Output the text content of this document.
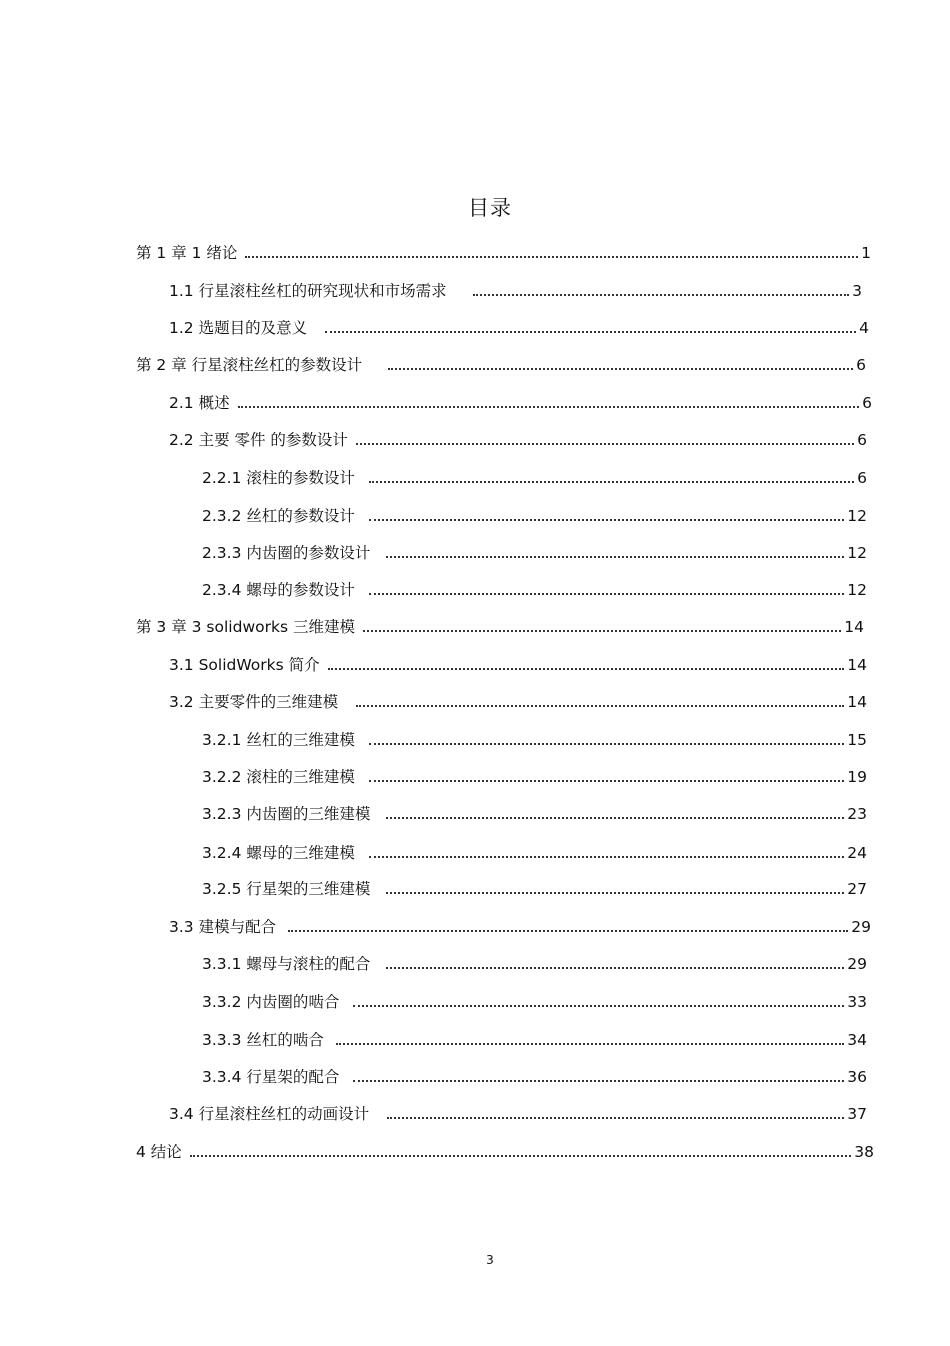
目录
第 1 章 1 绪论	1
1.1 行星滚柱丝杠的研究现状和市场需求	3
1.2 选题目的及意义	4
第 2 章 行星滚柱丝杠的参数设计	6
2.1 概述	6
2.2 主要 零件 的参数设计	6
2.2.1 滚柱的参数设计	6
2.3.2 丝杠的参数设计	12
2.3.3 内齿圈的参数设计	12
2.3.4 螺母的参数设计	12
第 3 章 3 solidworks 三维建模	14
3.1 SolidWorks 简介	14
3.2 主要零件的三维建模	14
3.2.1 丝杠的三维建模	15
3.2.2 滚柱的三维建模	19
3.2.3 内齿圈的三维建模	23
3.2.4 螺母的三维建模	24
3.2.5 行星架的三维建模	27
3.3 建模与配合	29
3.3.1 螺母与滚柱的配合	29
3.3.2 内齿圈的啮合	33
3.3.3 丝杠的啮合	34
3.3.4 行星架的配合	36
3.4 行星滚柱丝杠的动画设计	37
4 结论	38
3
